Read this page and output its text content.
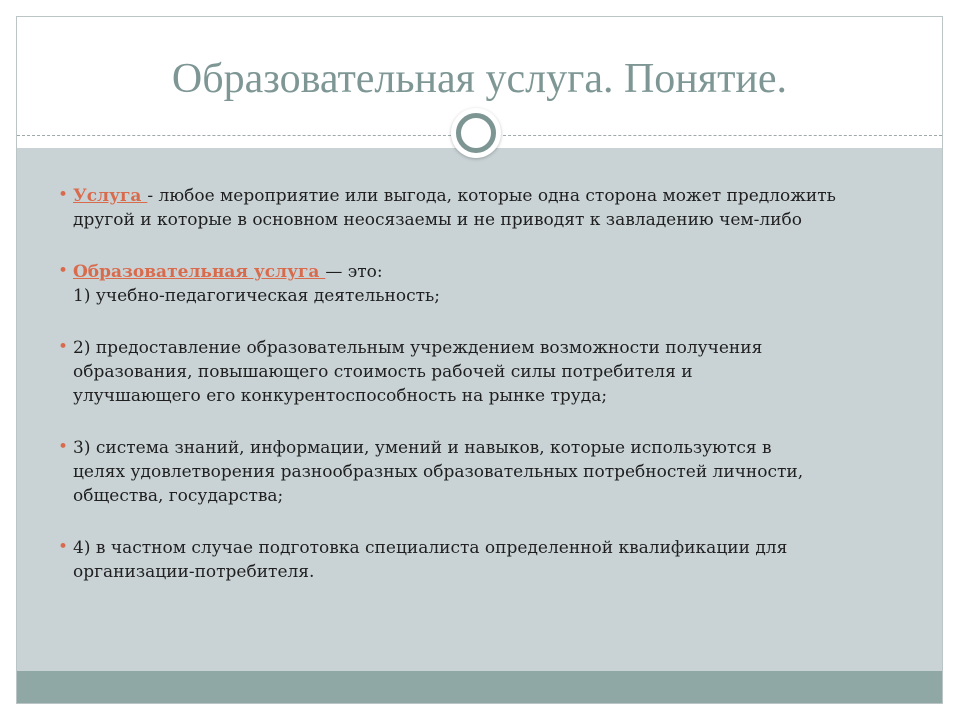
Образовательная услуга. Понятие.
• Услуга - любое мероприятие или выгода, которые одна сторона может предложить
другой и которые в основном неосязаемы и не приводят к завладению чем-либо
• Образовательная услуга — это:
1) учебно-педагогическая деятельность;
• 2) предоставление образовательным учреждением возможности получения
образования, повышающего стоимость рабочей силы потребителя и
улучшающего его конкурентоспособность на рынке труда;
• 3) система знаний, информации, умений и навыков, которые используются в
целях удовлетворения разнообразных образовательных потребностей личности,
общества, государства;
• 4) в частном случае подготовка специалиста определенной квалификации для
организации-потребителя.
